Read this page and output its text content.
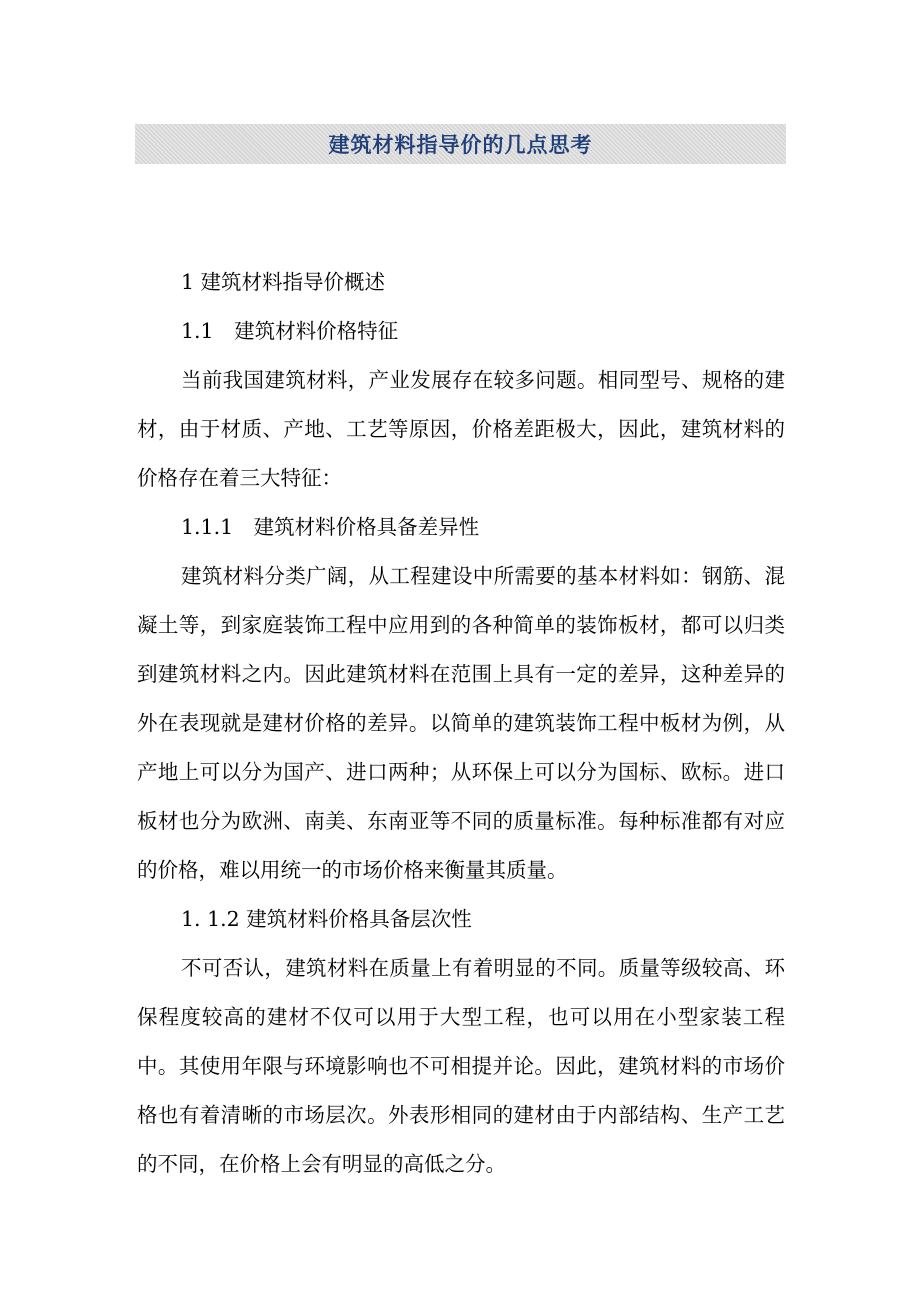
建筑材料指导价的几点思考

1 建筑材料指导价概述

1.1　建筑材料价格特征

当前我国建筑材料，产业发展存在较多问题。相同型号、规格的建材，由于材质、产地、工艺等原因，价格差距极大，因此，建筑材料的价格存在着三大特征：

1.1.1　建筑材料价格具备差异性

建筑材料分类广阔，从工程建设中所需要的基本材料如：钢筋、混凝土等，到家庭装饰工程中应用到的各种简单的装饰板材，都可以归类到建筑材料之内。因此建筑材料在范围上具有一定的差异，这种差异的外在表现就是建材价格的差异。以简单的建筑装饰工程中板材为例，从产地上可以分为国产、进口两种；从环保上可以分为国标、欧标。进口板材也分为欧洲、南美、东南亚等不同的质量标准。每种标准都有对应的价格，难以用统一的市场价格来衡量其质量。

1. 1.2 建筑材料价格具备层次性

不可否认，建筑材料在质量上有着明显的不同。质量等级较高、环保程度较高的建材不仅可以用于大型工程，也可以用在小型家装工程中。其使用年限与环境影响也不可相提并论。因此，建筑材料的市场价格也有着清晰的市场层次。外表形相同的建材由于内部结构、生产工艺的不同，在价格上会有明显的高低之分。
